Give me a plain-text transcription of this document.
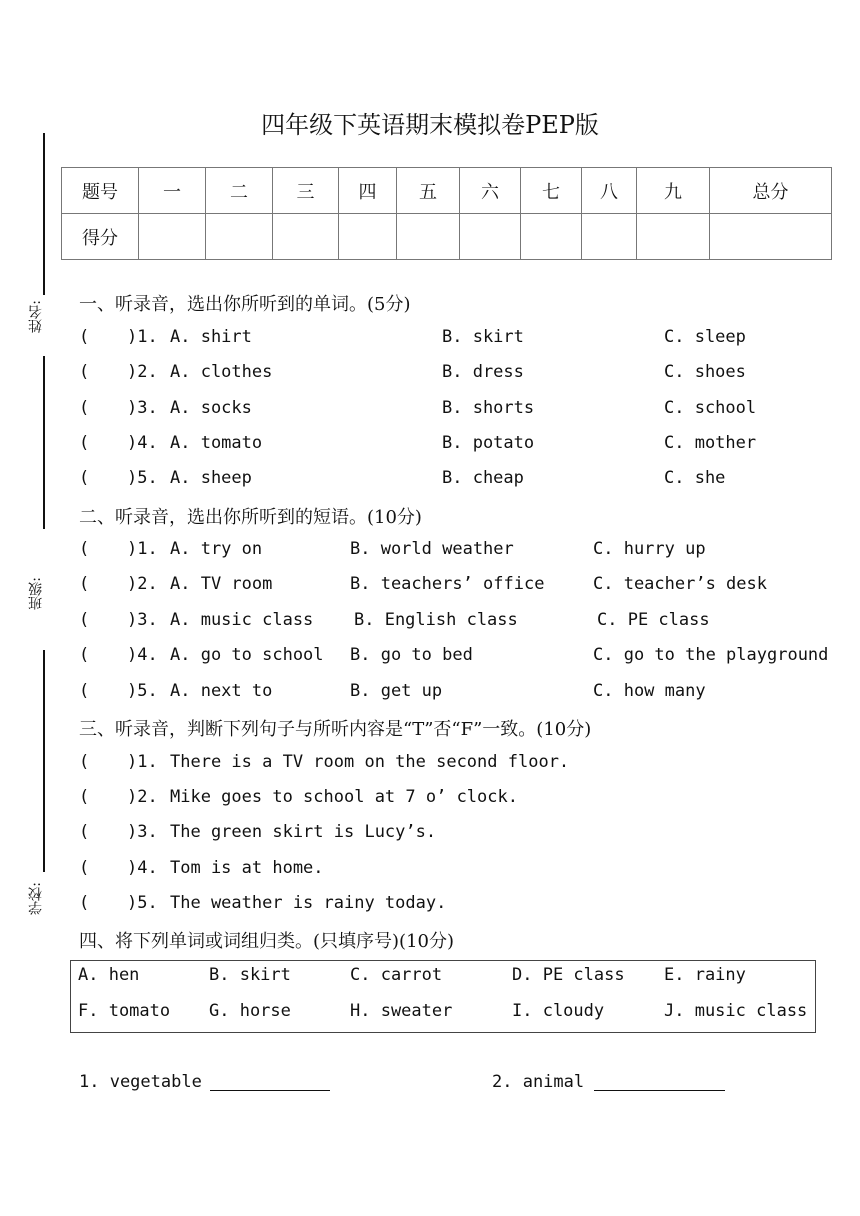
姓名:
班级:
学校:
四年级下英语期末模拟卷PEP版
题号	一	二	三	四	五	六	七	八	九	总分
得分										
一、听录音，选出你所听到的单词。(5分)
( )1. A. shirt	B. skirt	C. sleep
( )2. A. clothes	B. dress	C. shoes
( )3. A. socks	B. shorts	C. school
( )4. A. tomato	B. potato	C. mother
( )5. A. sheep	B. cheap	C. she
二、听录音，选出你所听到的短语。(10分)
( )1. A. try on	B. world weather	C. hurry up
( )2. A. TV room	B. teachers’ office	C. teacher’s desk
( )3. A. music class B. English class	C. PE class
( )4. A. go to school B. go to bed	C. go to the playground
( )5. A. next to	B. get up	C. how many
三、听录音，判断下列句子与所听内容是“T”否“F”一致。(10分)
( )1. There is a TV room on the second floor.
( )2. Mike goes to school at 7 o’ clock.
( )3. The green skirt is Lucy’s.
( )4. Tom is at home.
( )5. The weather is rainy today.
四、将下列单词或词组归类。(只填序号)(10分)
A. hen	B. skirt	C. carrot	D. PE class E. rainy
F. tomato G. horse	H. sweater	I. cloudy	J. music class
1. vegetable	2. animal
